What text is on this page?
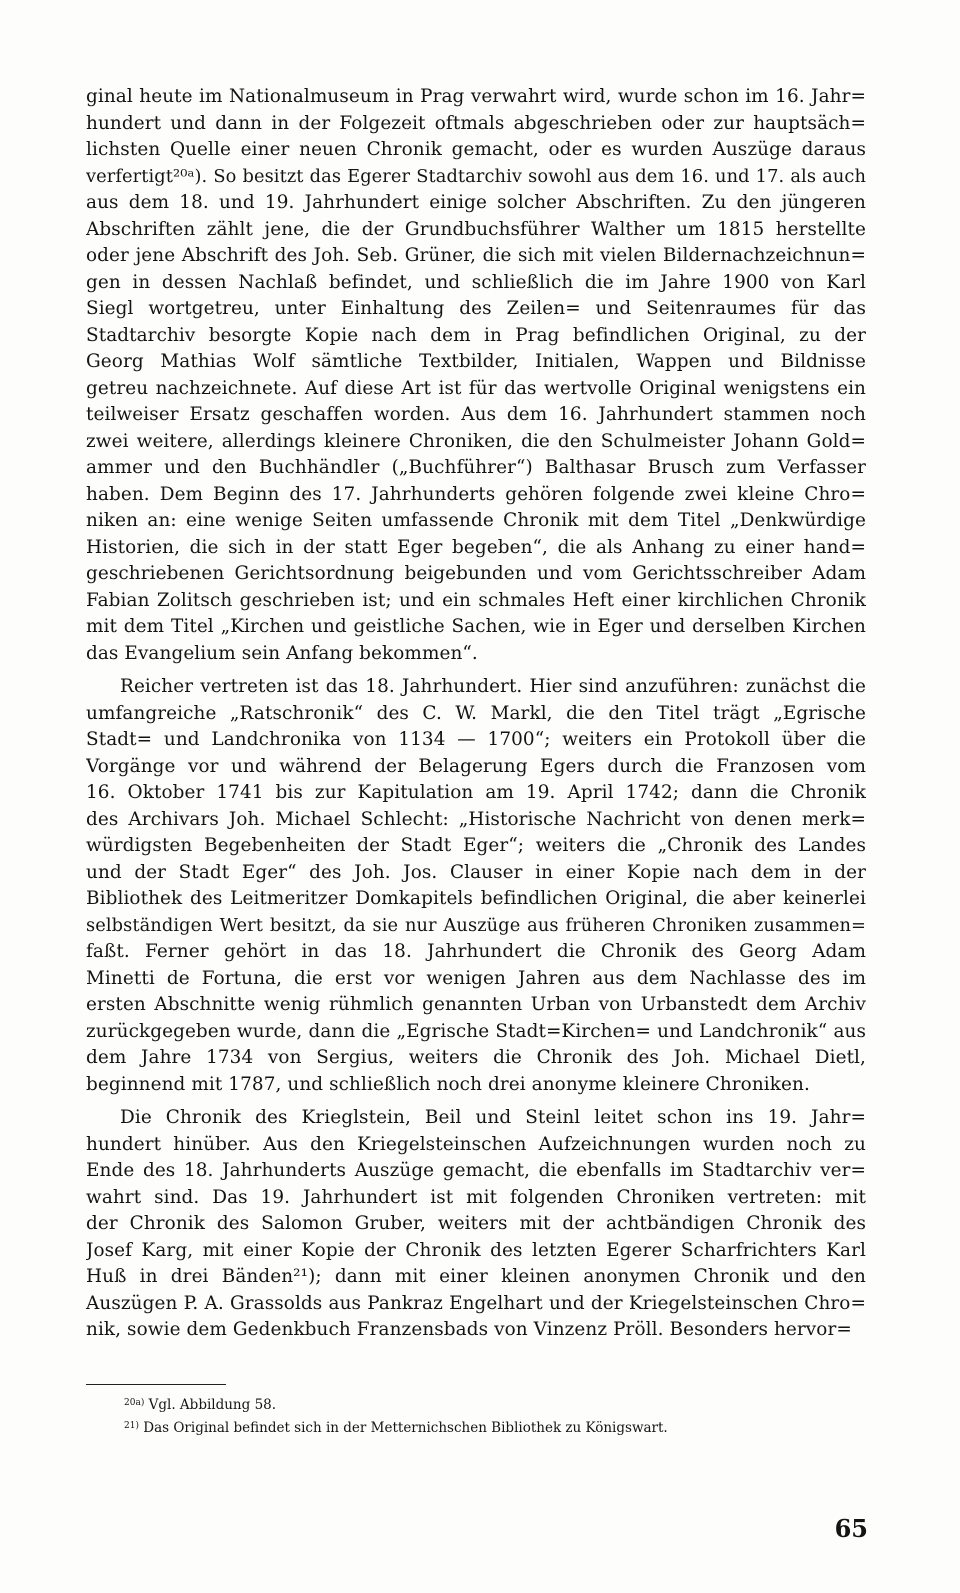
ginal heute im Nationalmuseum in Prag verwahrt wird, wurde schon im 16. Jahr=
hundert und dann in der Folgezeit oftmals abgeschrieben oder zur hauptsäch=
lichsten Quelle einer neuen Chronik gemacht, oder es wurden Auszüge daraus
verfertigt²⁰ᵃ). So besitzt das Egerer Stadtarchiv sowohl aus dem 16. und 17. als auch
aus dem 18. und 19. Jahrhundert einige solcher Abschriften. Zu den jüngeren
Abschriften zählt jene, die der Grundbuchsführer Walther um 1815 herstellte
oder jene Abschrift des Joh. Seb. Grüner, die sich mit vielen Bildernachzeichnun=
gen in dessen Nachlaß befindet, und schließlich die im Jahre 1900 von Karl
Siegl wortgetreu, unter Einhaltung des Zeilen= und Seitenraumes für das
Stadtarchiv besorgte Kopie nach dem in Prag befindlichen Original, zu der
Georg Mathias Wolf sämtliche Textbilder, Initialen, Wappen und Bildnisse
getreu nachzeichnete. Auf diese Art ist für das wertvolle Original wenigstens ein
teilweiser Ersatz geschaffen worden. Aus dem 16. Jahrhundert stammen noch
zwei weitere, allerdings kleinere Chroniken, die den Schulmeister Johann Gold=
ammer und den Buchhändler („Buchführer“) Balthasar Brusch zum Verfasser
haben. Dem Beginn des 17. Jahrhunderts gehören folgende zwei kleine Chro=
niken an: eine wenige Seiten umfassende Chronik mit dem Titel „Denkwürdige
Historien, die sich in der statt Eger begeben“, die als Anhang zu einer hand=
geschriebenen Gerichtsordnung beigebunden und vom Gerichtsschreiber Adam
Fabian Zolitsch geschrieben ist; und ein schmales Heft einer kirchlichen Chronik
mit dem Titel „Kirchen und geistliche Sachen, wie in Eger und derselben Kirchen
das Evangelium sein Anfang bekommen“.
Reicher vertreten ist das 18. Jahrhundert. Hier sind anzuführen: zunächst die
umfangreiche „Ratschronik“ des C. W. Markl, die den Titel trägt „Egrische
Stadt= und Landchronika von 1134 — 1700“; weiters ein Protokoll über die
Vorgänge vor und während der Belagerung Egers durch die Franzosen vom
16. Oktober 1741 bis zur Kapitulation am 19. April 1742; dann die Chronik
des Archivars Joh. Michael Schlecht: „Historische Nachricht von denen merk=
würdigsten Begebenheiten der Stadt Eger“; weiters die „Chronik des Landes
und der Stadt Eger“ des Joh. Jos. Clauser in einer Kopie nach dem in der
Bibliothek des Leitmeritzer Domkapitels befindlichen Original, die aber keinerlei
selbständigen Wert besitzt, da sie nur Auszüge aus früheren Chroniken zusammen=
faßt. Ferner gehört in das 18. Jahrhundert die Chronik des Georg Adam
Minetti de Fortuna, die erst vor wenigen Jahren aus dem Nachlasse des im
ersten Abschnitte wenig rühmlich genannten Urban von Urbanstedt dem Archiv
zurückgegeben wurde, dann die „Egrische Stadt=Kirchen= und Landchronik“ aus
dem Jahre 1734 von Sergius, weiters die Chronik des Joh. Michael Dietl,
beginnend mit 1787, und schließlich noch drei anonyme kleinere Chroniken.
Die Chronik des Krieglstein, Beil und Steinl leitet schon ins 19. Jahr=
hundert hinüber. Aus den Kriegelsteinschen Aufzeichnungen wurden noch zu
Ende des 18. Jahrhunderts Auszüge gemacht, die ebenfalls im Stadtarchiv ver=
wahrt sind. Das 19. Jahrhundert ist mit folgenden Chroniken vertreten: mit
der Chronik des Salomon Gruber, weiters mit der achtbändigen Chronik des
Josef Karg, mit einer Kopie der Chronik des letzten Egerer Scharfrichters Karl
Huß in drei Bänden²¹); dann mit einer kleinen anonymen Chronik und den
Auszügen P. A. Grassolds aus Pankraz Engelhart und der Kriegelsteinschen Chro=
nik, sowie dem Gedenkbuch Franzensbads von Vinzenz Pröll. Besonders hervor=
$^{20a)}$ Vgl. Abbildung 58.
$^{21)}$ Das Original befindet sich in der Metternichschen Bibliothek zu Königswart.
65
